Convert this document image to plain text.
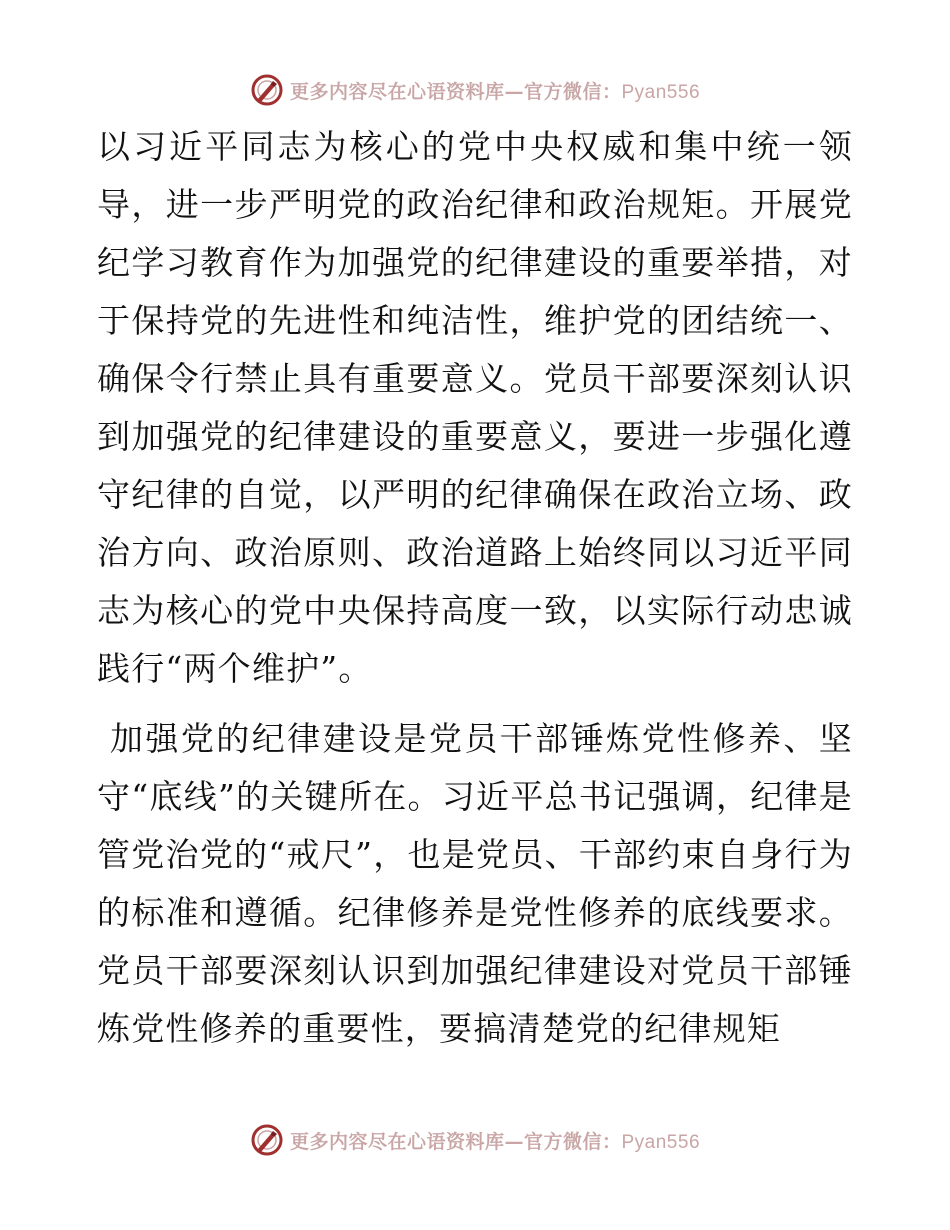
更多内容尽在心语资料库—官方微信：Pyan556

以习近平同志为核心的党中央权威和集中统一领导，进一步严明党的政治纪律和政治规矩。开展党纪学习教育作为加强党的纪律建设的重要举措，对于保持党的先进性和纯洁性，维护党的团结统一、确保令行禁止具有重要意义。党员干部要深刻认识到加强党的纪律建设的重要意义，要进一步强化遵守纪律的自觉，以严明的纪律确保在政治立场、政治方向、政治原则、政治道路上始终同以习近平同志为核心的党中央保持高度一致，以实际行动忠诚践行“两个维护”。

加强党的纪律建设是党员干部锤炼党性修养、坚守“底线”的关键所在。习近平总书记强调，纪律是管党治党的“戒尺”，也是党员、干部约束自身行为的标准和遵循。纪律修养是党性修养的底线要求。党员干部要深刻认识到加强纪律建设对党员干部锤炼党性修养的重要性，要搞清楚党的纪律规矩

更多内容尽在心语资料库—官方微信：Pyan556
